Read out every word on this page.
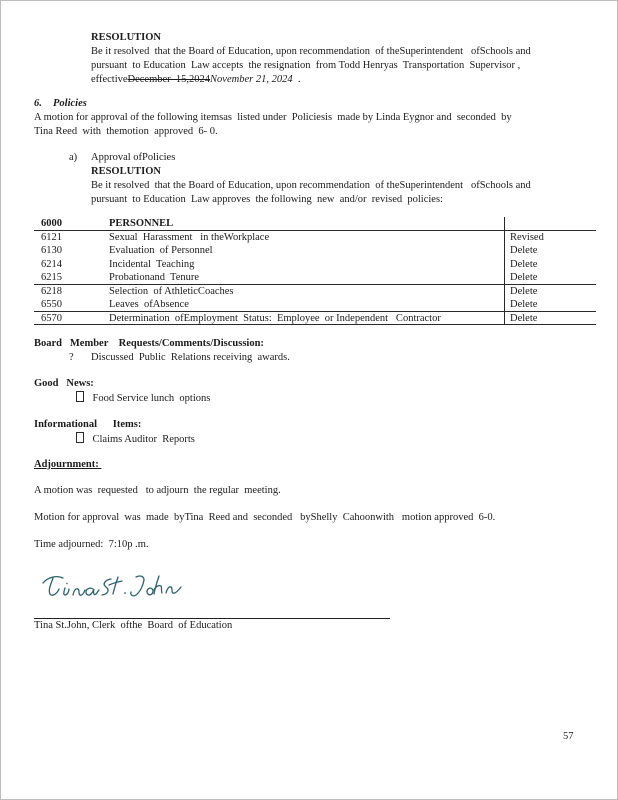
RESOLUTION
Be it resolved  that the Board of Education, upon recommendation  of theSuperintendent   ofSchools and
pursuant  to Education  Law accepts  the resignation  from Todd Henryas  Transportation  Supervisor ,
effectiveDecember  15,2024November 21, 2024  .
6. Policies
A motion for approval of the following itemsas  listed under  Policiesis  made by Linda Eygnor and  seconded  by
Tina Reed  with  themotion  approved  6- 0.
a) Approval ofPolicies
RESOLUTION
Be it resolved  that the Board of Education, upon recommendation  of theSuperintendent   ofSchools and
pursuant  to Education  Law approves  the following  new  and/or  revised  policies:
6000	PERSONNEL
6121	Sexual  Harassment   in theWorkplace	Revised
6130	Evaluation  of Personnel	Delete
6214	Incidental  Teaching	Delete
6215	Probationand  Tenure	Delete
6218	Selection  of AthleticCoaches	Delete
6550	Leaves  ofAbsence	Delete
6570	Determination  ofEmployment  Status:  Employee  or Independent   Contractor	Delete
Board   Member    Requests/Comments/Discussion:
? Discussed  Public  Relations receiving  awards.
Good   News:
Food Service lunch  options
Informational      Items:
Claims Auditor  Reports
Adjournment:
A motion was  requested   to adjourn  the regular  meeting.
Motion for approval  was  made  byTina  Reed and  seconded   byShelly  Cahoonwith   motion approved  6-0.
Time adjourned:  7:10p .m.
Tina St.John, Clerk  ofthe  Board  of Education
57
